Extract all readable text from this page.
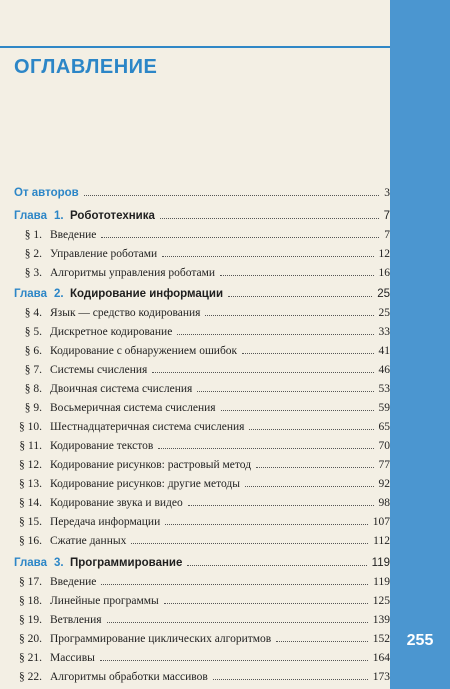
ОГЛАВЛЕНИЕ
От авторов	3
Глава 1. Робототехника	7
§ 1. Введение	7
§ 2. Управление роботами	12
§ 3. Алгоритмы управления роботами	16
Глава 2. Кодирование информации	25
§ 4. Язык — средство кодирования	25
§ 5. Дискретное кодирование	33
§ 6. Кодирование с обнаружением ошибок	41
§ 7. Системы счисления	46
§ 8. Двоичная система счисления	53
§ 9. Восьмеричная система счисления	59
§ 10. Шестнадцатеричная система счисления	65
§ 11. Кодирование текстов	70
§ 12. Кодирование рисунков: растровый метод	77
§ 13. Кодирование рисунков: другие методы	92
§ 14. Кодирование звука и видео	98
§ 15. Передача информации	107
§ 16. Сжатие данных	112
Глава 3. Программирование	119
§ 17. Введение	119
§ 18. Линейные программы	125
§ 19. Ветвления	139
§ 20. Программирование циклических алгоритмов	152
§ 21. Массивы	164
§ 22. Алгоритмы обработки массивов	173
255
